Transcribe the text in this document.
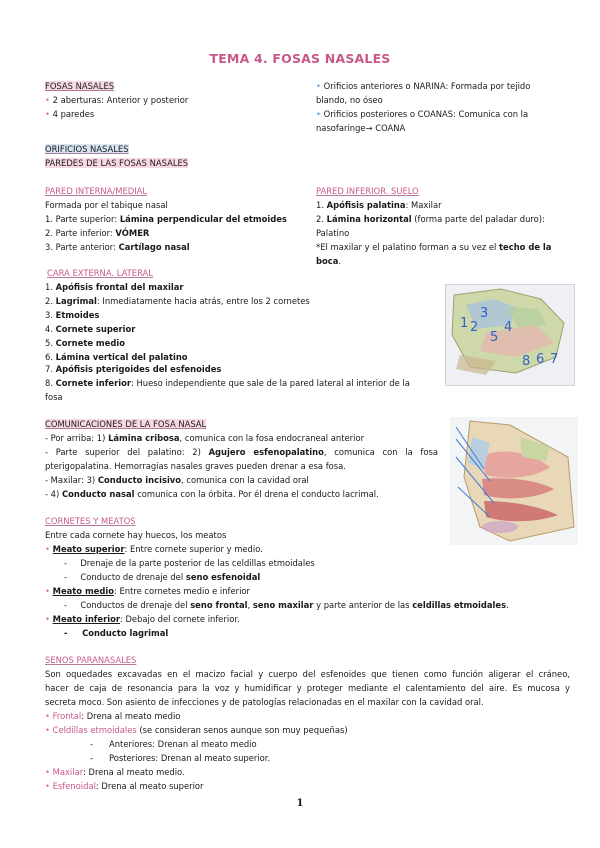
TEMA 4. FOSAS NASALES
FOSAS NASALES
• 2 aberturas: Anterior y posterior
• 4 paredes
• Orificios anteriores o NARINA: Formada por tejido
blando, no óseo
• Orificios posteriores o COANAS: Comunica con la
nasofaringe→ COANA
ORIFICIOS NASALES
PAREDES DE LAS FOSAS NASALES
PARED INTERNA/MEDIAL
Formada por el tabique nasal
1. Parte superior: Lámina perpendicular del etmoides
2. Parte inferior: VÓMER
3. Parte anterior: Cartílago nasal
PARED INFERIOR. SUELO
1. Apófisis palatina: Maxilar
2. Lámina horizontal (forma parte del paladar duro):
Palatino
*El maxilar y el palatino forman a su vez el techo de la
boca.
CARA EXTERNA. LATERAL
1. Apófisis frontal del maxilar
2. Lagrimal: Inmediatamente hacia atrás, entre los 2 cornetes
3. Etmoides
4. Cornete superior
5. Cornete medio
6. Lámina vertical del palatino
7. Apófisis pterigoides del esfenoides
8. Cornete inferior: Hueso independiente que sale de la pared lateral al interior de la
fosa
1 2
3
4
5
6 7
8
COMUNICACIONES DE LA FOSA NASAL
- Por arriba: 1) Lámina cribosa, comunica con la fosa endocraneal anterior
- Parte superior del palatino: 2) Agujero esfenopalatino, comunica con la fosa
pterigopalatina. Hemorragias nasales graves pueden drenar a esa fosa.
- Maxilar: 3) Conducto incisivo, comunica con la cavidad oral
- 4) Conducto nasal comunica con la órbita. Por él drena el conducto lacrimal.
CORNETES Y MEATOS
Entre cada cornete hay huecos, los meatos
• Meato superior: Entre cornete superior y medio.
-     Drenaje de la parte posterior de las celdillas etmoidales
-     Conducto de drenaje del seno esfenoidal
• Meato medio: Entre cornetes medio e inferior
-     Conductos de drenaje del seno frontal, seno maxilar y parte anterior de las celdillas etmoidales.
• Meato inferior: Debajo del cornete inferior.
-     Conducto lagrimal
SENOS PARANASALES
Son oquedades excavadas en el macizo facial y cuerpo del esfenoides que tienen como función aligerar el cráneo,
hacer de caja de resonancia para la voz y humidificar y proteger mediante el calentamiento del aire. Es mucosa y
secreta moco. Son asiento de infecciones y de patologías relacionadas en el maxilar con la cavidad oral.
• Frontal: Drena al meato medio
• Celdillas etmoidales (se consideran senos aunque son muy pequeñas)
-      Anteriores: Drenan al meato medio
-      Posteriores: Drenan al meato superior.
• Maxilar: Drena al meato medio.
• Esfenoidal: Drena al meato superior
1
